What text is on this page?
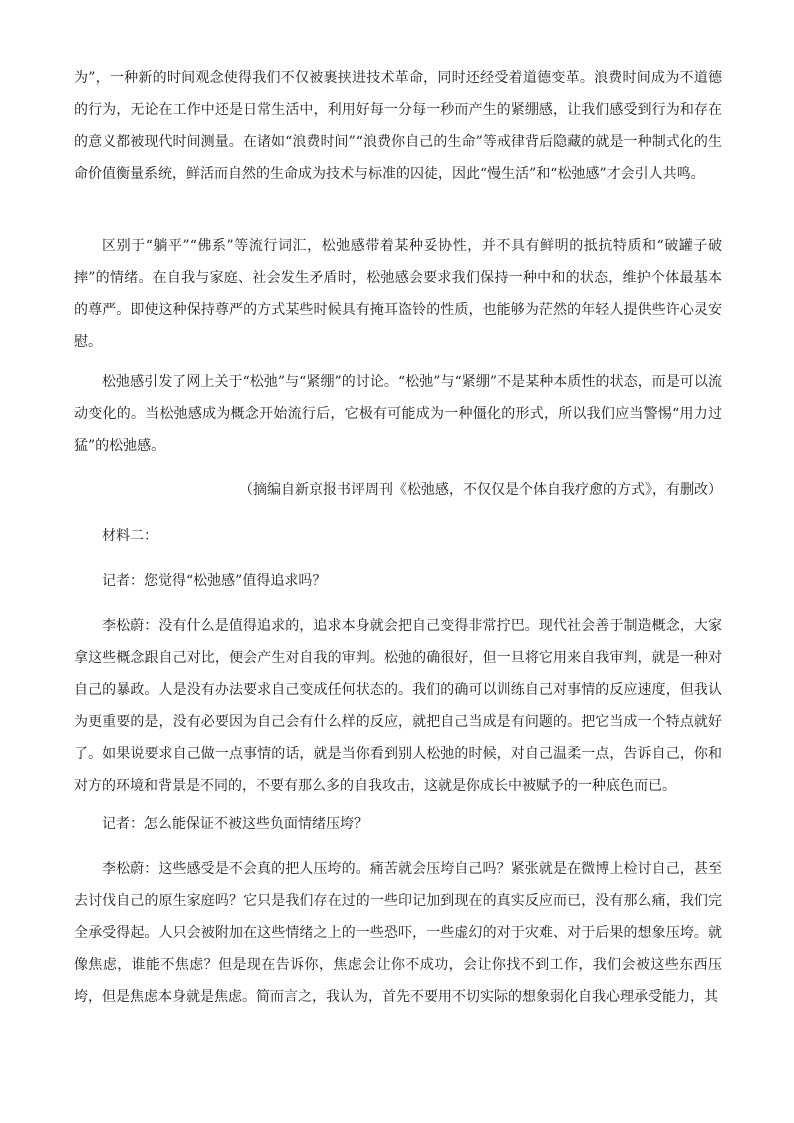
为”，一种新的时间观念使得我们不仅被裹挟进技术革命，同时还经受着道德变革。浪费时间成为不道德的行为，无论在工作中还是日常生活中，利用好每一分每一秒而产生的紧绷感，让我们感受到行为和存在的意义都被现代时间测量。在诸如“浪费时间”“浪费你自己的生命”等戒律背后隐藏的就是一种制式化的生命价值衡量系统，鲜活而自然的生命成为技术与标准的囚徒，因此“慢生活”和“松弛感”才会引人共鸣。

区别于“躺平”“佛系”等流行词汇，松弛感带着某种妥协性，并不具有鲜明的抵抗特质和“破罐子破摔”的情绪。在自我与家庭、社会发生矛盾时，松弛感会要求我们保持一种中和的状态，维护个体最基本的尊严。即使这种保持尊严的方式某些时候具有掩耳盗铃的性质，也能够为茫然的年轻人提供些许心灵安慰。

松弛感引发了网上关于“松弛”与“紧绷”的讨论。“松弛”与“紧绷”不是某种本质性的状态，而是可以流动变化的。当松弛感成为概念开始流行后，它极有可能成为一种僵化的形式，所以我们应当警惕“用力过猛”的松弛感。

（摘编自新京报书评周刊《松弛感，不仅仅是个体自我疗愈的方式》，有删改）

材料二：

记者：您觉得“松弛感”值得追求吗？

李松蔚：没有什么是值得追求的，追求本身就会把自己变得非常拧巴。现代社会善于制造概念，大家拿这些概念跟自己对比，便会产生对自我的审判。松弛的确很好，但一旦将它用来自我审判，就是一种对自己的暴政。人是没有办法要求自己变成任何状态的。我们的确可以训练自己对事情的反应速度，但我认为更重要的是，没有必要因为自己会有什么样的反应，就把自己当成是有问题的。把它当成一个特点就好了。如果说要求自己做一点事情的话，就是当你看到别人松弛的时候，对自己温柔一点，告诉自己，你和对方的环境和背景是不同的，不要有那么多的自我攻击，这就是你成长中被赋予的一种底色而已。

记者：怎么能保证不被这些负面情绪压垮？

李松蔚：这些感受是不会真的把人压垮的。痛苦就会压垮自己吗？紧张就是在微博上检讨自己，甚至去讨伐自己的原生家庭吗？它只是我们存在过的一些印记加到现在的真实反应而已，没有那么痛，我们完全承受得起。人只会被附加在这些情绪之上的一些恐吓，一些虚幻的对于灾难、对于后果的想象压垮。就像焦虑，谁能不焦虑？但是现在告诉你，焦虑会让你不成功，会让你找不到工作，我们会被这些东西压垮，但是焦虑本身就是焦虑。简而言之，我认为，首先不要用不切实际的想象弱化自我心理承受能力，其
